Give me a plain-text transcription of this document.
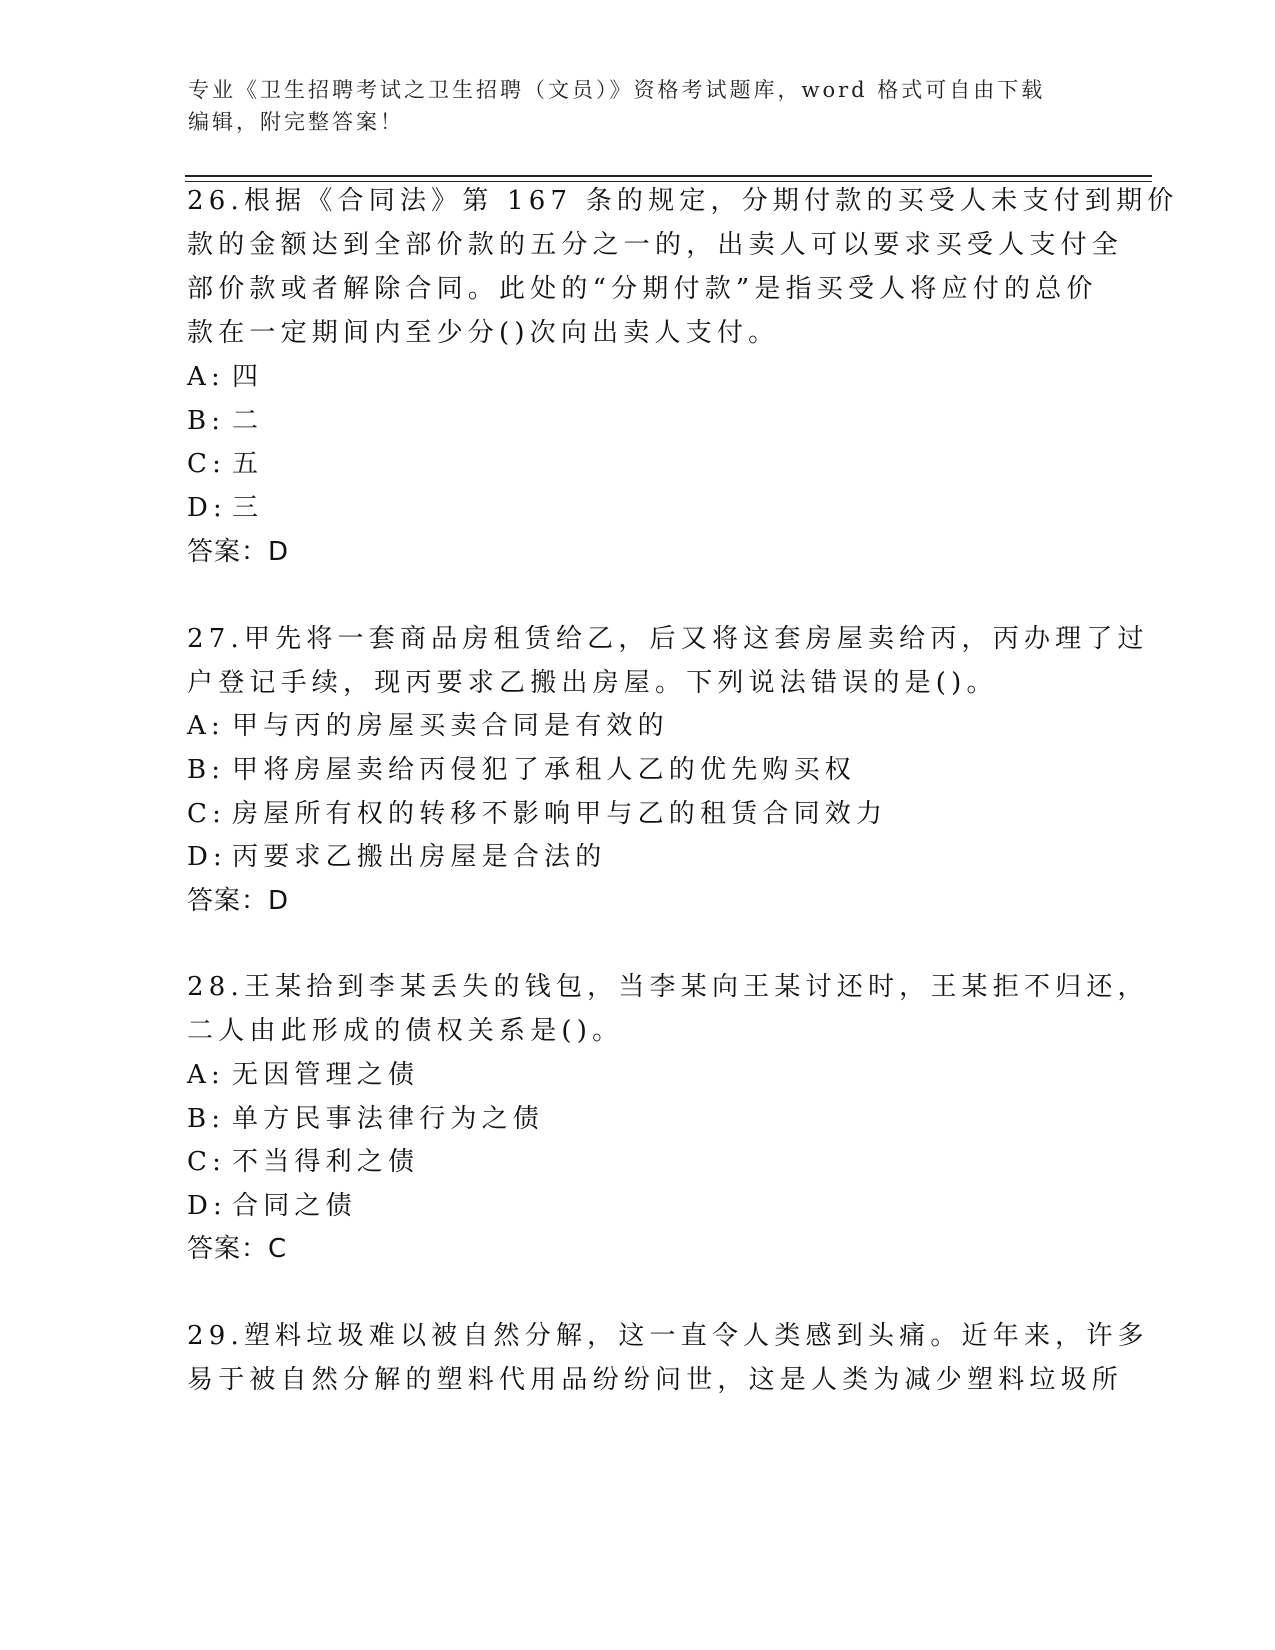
专业《卫生招聘考试之卫生招聘（文员）》资格考试题库，word 格式可自由下载

编辑，附完整答案！

26.根据《合同法》第 167 条的规定，分期付款的买受人未支付到期价

款的金额达到全部价款的五分之一的，出卖人可以要求买受人支付全

部价款或者解除合同。此处的“分期付款”是指买受人将应付的总价

款在一定期间内至少分()次向出卖人支付。

A: 四

B: 二

C: 五

D: 三

答案：D

27.甲先将一套商品房租赁给乙，后又将这套房屋卖给丙，丙办理了过

户登记手续，现丙要求乙搬出房屋。下列说法错误的是()。

A: 甲与丙的房屋买卖合同是有效的

B: 甲将房屋卖给丙侵犯了承租人乙的优先购买权

C: 房屋所有权的转移不影响甲与乙的租赁合同效力

D: 丙要求乙搬出房屋是合法的

答案：D

28.王某拾到李某丢失的钱包，当李某向王某讨还时，王某拒不归还，

二人由此形成的债权关系是()。

A: 无因管理之债

B: 单方民事法律行为之债

C: 不当得利之债

D: 合同之债

答案：C

29.塑料垃圾难以被自然分解，这一直令人类感到头痛。近年来，许多

易于被自然分解的塑料代用品纷纷问世，这是人类为减少塑料垃圾所
